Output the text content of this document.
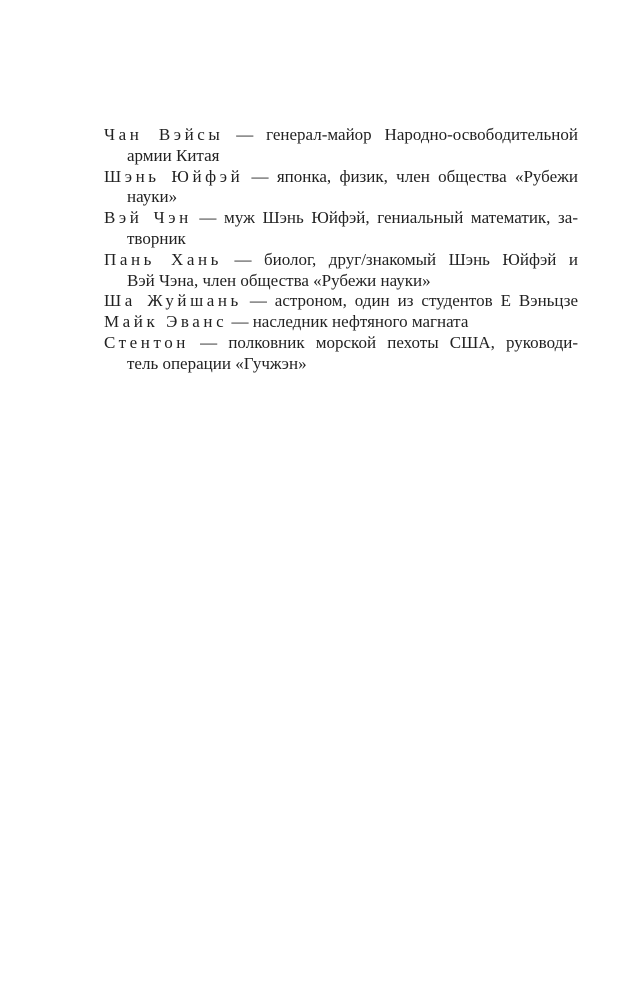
Чан Вэйсы — генерал-майор Народно-освободительной
армии Китая

Шэнь Юйфэй — японка, физик, член общества «Рубежи
науки»

Вэй Чэн — муж Шэнь Юйфэй, гениальный математик, за-
творник

Пань Хань — биолог, друг/знакомый Шэнь Юйфэй и
Вэй Чэна, член общества «Рубежи науки»

Ша Жуйшань — астроном, один из студентов Е Вэньцзе

Майк Эванс — наследник нефтяного магната

Стентон — полковник морской пехоты США, руководи-
тель операции «Гучжэн»
